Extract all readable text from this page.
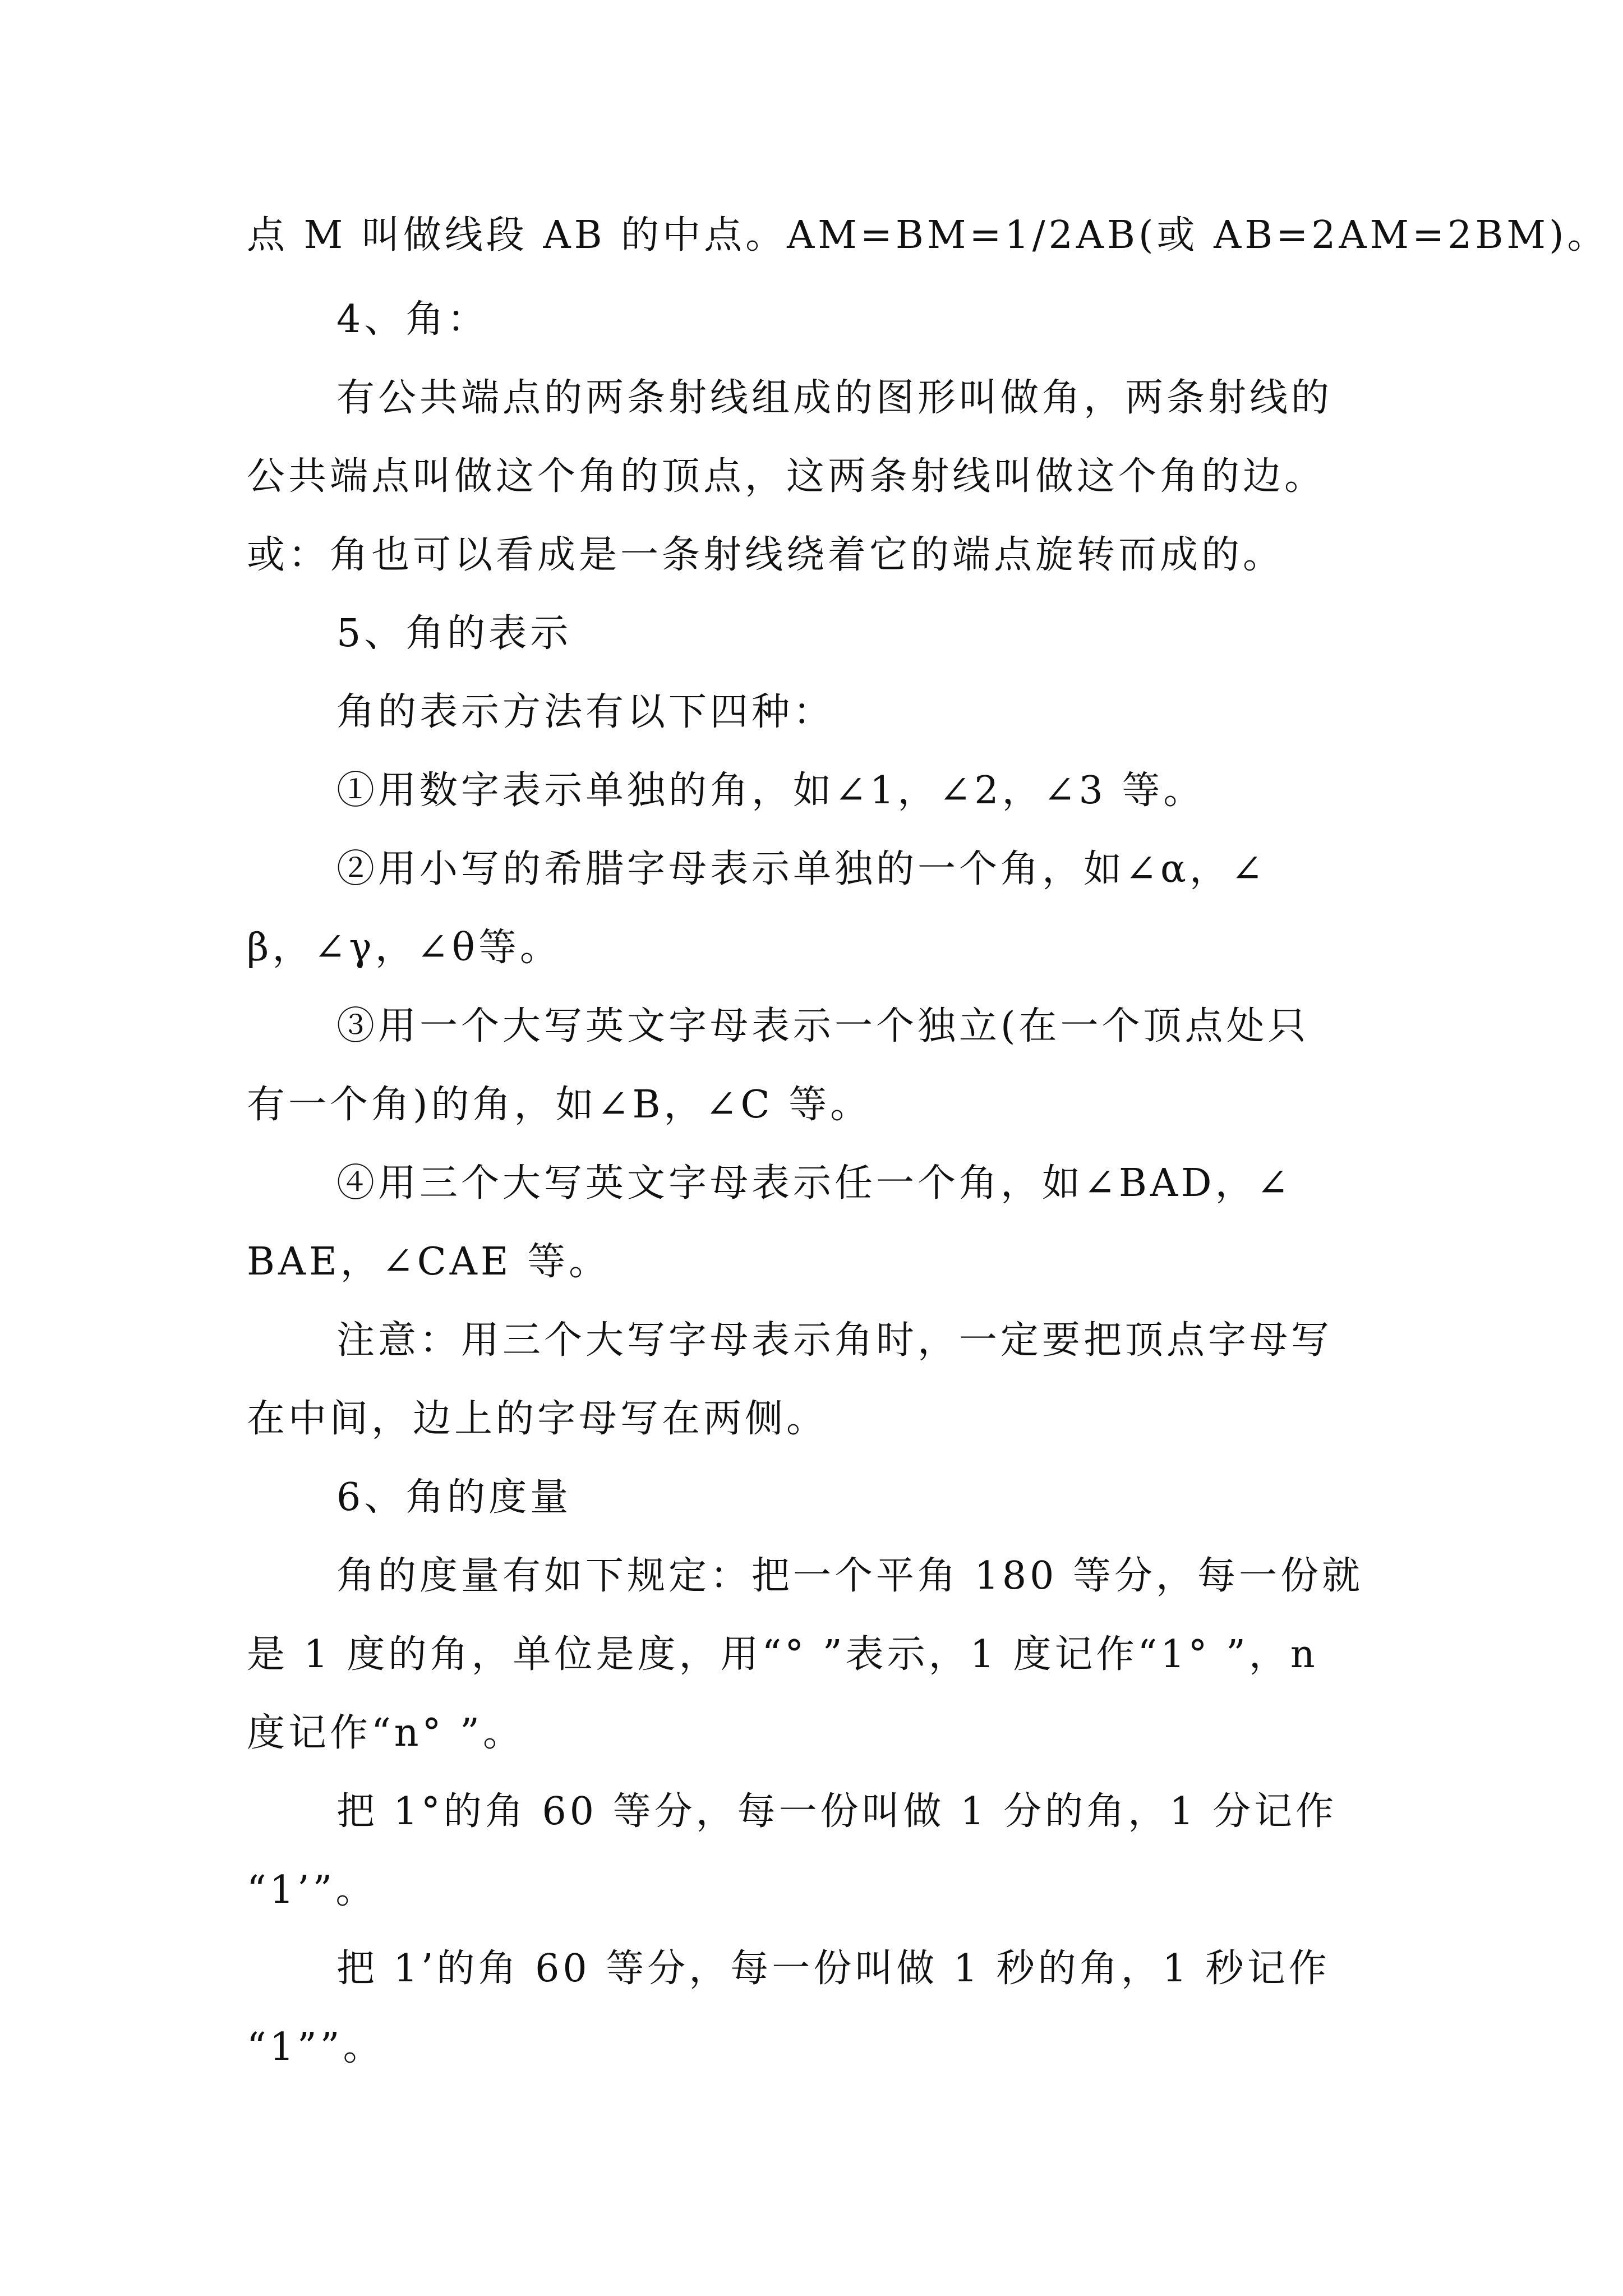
点 M 叫做线段 AB 的中点。AM=BM=1/2AB(或 AB=2AM=2BM)。
4、角：
有公共端点的两条射线组成的图形叫做角，两条射线的
公共端点叫做这个角的顶点，这两条射线叫做这个角的边。
或：角也可以看成是一条射线绕着它的端点旋转而成的。
5、角的表示
角的表示方法有以下四种：
①用数字表示单独的角，如∠1，∠2，∠3 等。
②用小写的希腊字母表示单独的一个角，如∠α，∠
β，∠γ，∠θ等。
③用一个大写英文字母表示一个独立(在一个顶点处只
有一个角)的角，如∠B，∠C 等。
④用三个大写英文字母表示任一个角，如∠BAD，∠
BAE，∠CAE 等。
注意：用三个大写字母表示角时，一定要把顶点字母写
在中间，边上的字母写在两侧。
6、角的度量
角的度量有如下规定：把一个平角 180 等分，每一份就
是 1 度的角，单位是度，用“° ”表示，1 度记作“1° ”，n
度记作“n° ”。
把 1°的角 60 等分，每一份叫做 1 分的角，1 分记作
“1’”。
把 1’的角 60 等分，每一份叫做 1 秒的角，1 秒记作
“1””。
